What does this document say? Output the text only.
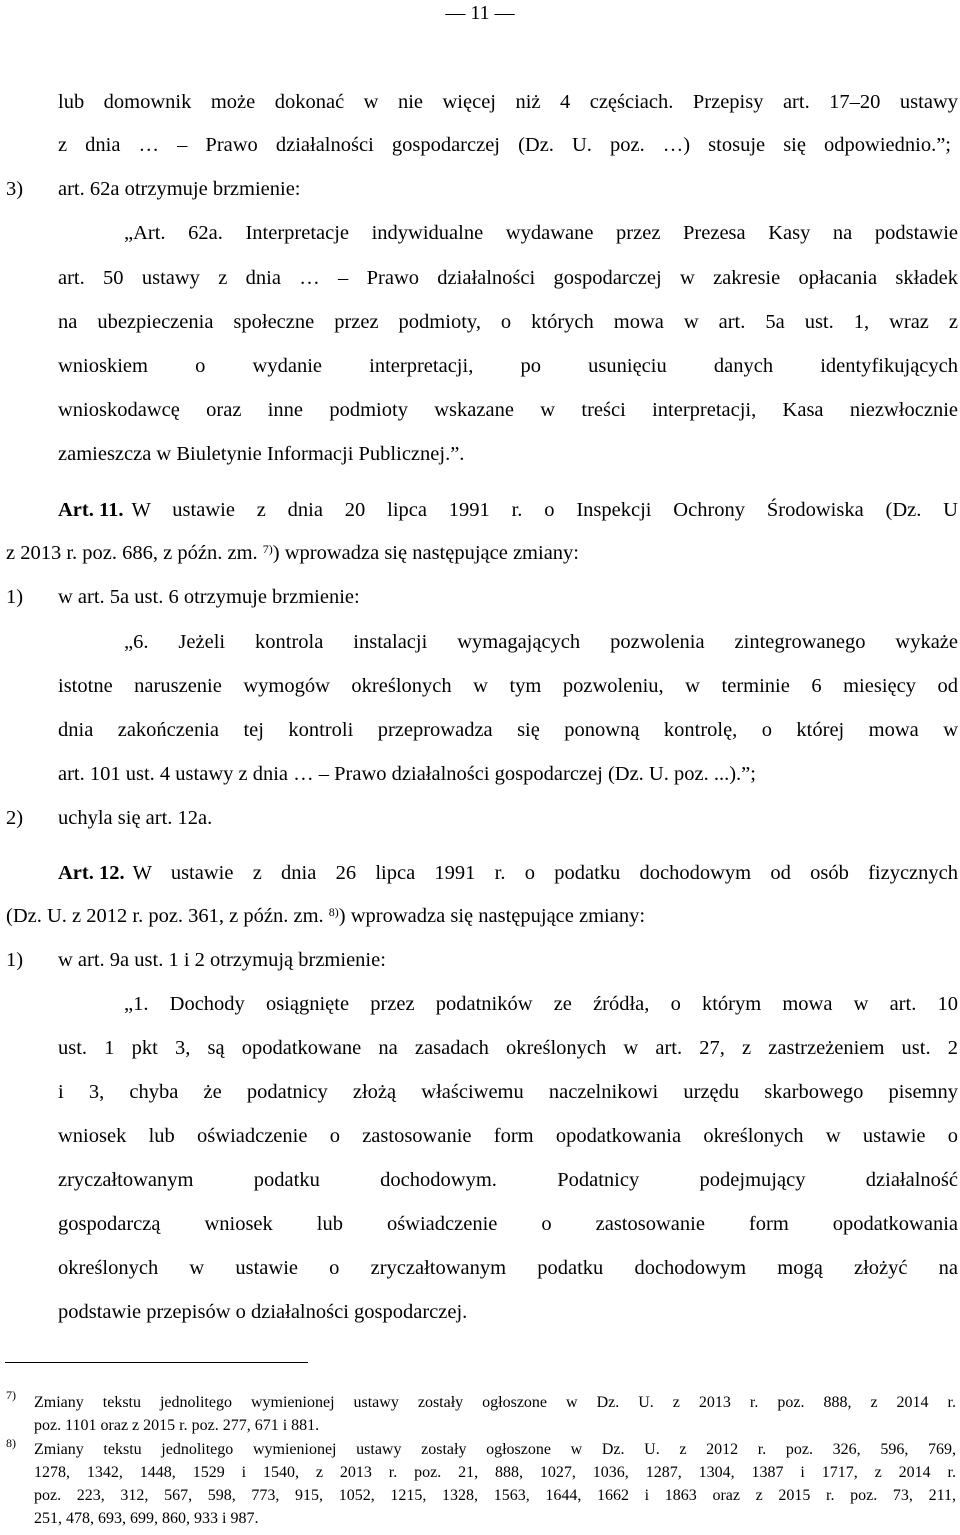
— 11 —
lub domownik może dokonać w nie więcej niż 4 częściach. Przepisy art. 17–20 ustawy
z dnia … – Prawo działalności gospodarczej (Dz. U. poz. …) stosuje się odpowiednio.”;
3) art. 62a otrzymuje brzmienie:
„Art. 62a. Interpretacje indywidualne wydawane przez Prezesa Kasy na podstawie
art. 50 ustawy z dnia … – Prawo działalności gospodarczej w zakresie opłacania składek
na ubezpieczenia społeczne przez podmioty, o których mowa w art. 5a ust. 1, wraz z
wnioskiem o wydanie interpretacji, po usunięciu danych identyfikujących
wnioskodawcę oraz inne podmioty wskazane w treści interpretacji, Kasa niezwłocznie
zamieszcza w Biuletynie Informacji Publicznej.”.
Art. 11. W ustawie z dnia 20 lipca 1991 r. o Inspekcji Ochrony Środowiska (Dz. U
z 2013 r. poz. 686, z późn. zm. $^{7)}$) wprowadza się następujące zmiany:
1) w art. 5a ust. 6 otrzymuje brzmienie:
„6. Jeżeli kontrola instalacji wymagających pozwolenia zintegrowanego wykaże
istotne naruszenie wymogów określonych w tym pozwoleniu, w terminie 6 miesięcy od
dnia zakończenia tej kontroli przeprowadza się ponowną kontrolę, o której mowa w
art. 101 ust. 4 ustawy z dnia … – Prawo działalności gospodarczej (Dz. U. poz. ...).”;
2) uchyla się art. 12a.
Art. 12. W ustawie z dnia 26 lipca 1991 r. o podatku dochodowym od osób fizycznych
(Dz. U. z 2012 r. poz. 361, z późn. zm. $^{8)}$) wprowadza się następujące zmiany:
1) w art. 9a ust. 1 i 2 otrzymują brzmienie:
„1. Dochody osiągnięte przez podatników ze źródła, o którym mowa w art. 10
ust. 1 pkt 3, są opodatkowane na zasadach określonych w art. 27, z zastrzeżeniem ust. 2
i 3, chyba że podatnicy złożą właściwemu naczelnikowi urzędu skarbowego pisemny
wniosek lub oświadczenie o zastosowanie form opodatkowania określonych w ustawie o
zryczałtowanym podatku dochodowym. Podatnicy podejmujący działalność
gospodarczą wniosek lub oświadczenie o zastosowanie form opodatkowania
określonych w ustawie o zryczałtowanym podatku dochodowym mogą złożyć na
podstawie przepisów o działalności gospodarczej.
7) Zmiany tekstu jednolitego wymienionej ustawy zostały ogłoszone w Dz. U. z 2013 r. poz. 888, z 2014 r.
poz. 1101 oraz z 2015 r. poz. 277, 671 i 881.
8) Zmiany tekstu jednolitego wymienionej ustawy zostały ogłoszone w Dz. U. z 2012 r. poz. 326, 596, 769,
1278, 1342, 1448, 1529 i 1540, z 2013 r. poz. 21, 888, 1027, 1036, 1287, 1304, 1387 i 1717, z 2014 r.
poz. 223, 312, 567, 598, 773, 915, 1052, 1215, 1328, 1563, 1644, 1662 i 1863 oraz z 2015 r. poz. 73, 211,
251, 478, 693, 699, 860, 933 i 987.
